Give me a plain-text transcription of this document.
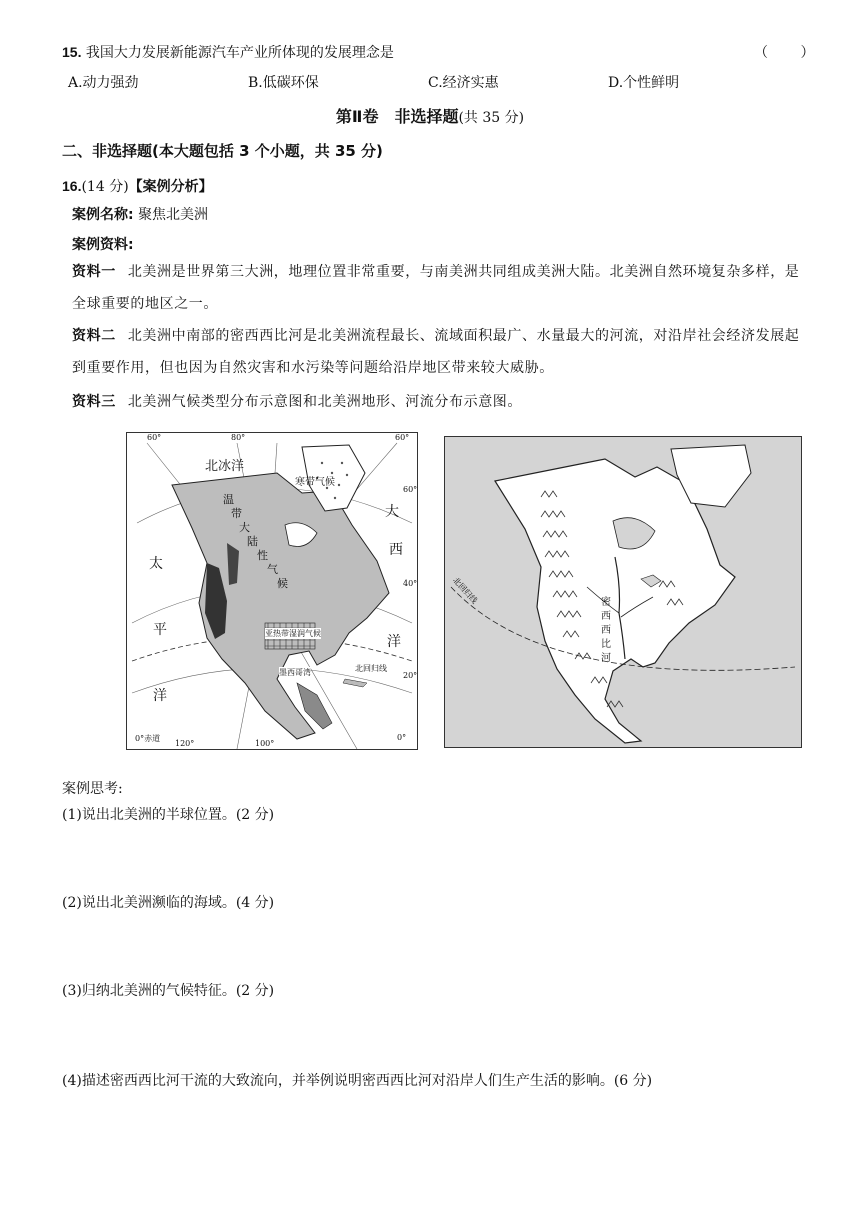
15. 我国大力发展新能源汽车产业所体现的发展理念是	（ ）
A.动力强劲	B.低碳环保	C.经济实惠	D.个性鲜明
第Ⅱ卷　非选择题(共 35 分)
二、非选择题(本大题包括 3 个小题，共 35 分)
16.(14 分)【案例分析】
案例名称: 聚焦北美洲
案例资料:
资料一 北美洲是世界第三大洲，地理位置非常重要，与南美洲共同组成美洲大陆。北美洲自然环境复杂多样，是全球重要的地区之一。
资料二 北美洲中南部的密西西比河是北美洲流程最长、流域面积最广、水量最大的河流，对沿岸社会经济发展起到重要作用，但也因为自然灾害和水污染等问题给沿岸地区带来较大威胁。
资料三 北美洲气候类型分布示意图和北美洲地形、河流分布示意图。
北冰洋
寒带气候
大
西
洋
太
平
洋
温
带
大
陆
性
气
候
亚热带湿润气候
墨西哥湾	北回归线
0°赤道
60°	80°	60°
120°	100°
60°
40°
20°
0°
北回归线	密
西
西
比
河
案例思考:
(1)说出北美洲的半球位置。(2 分)
(2)说出北美洲濒临的海域。(4 分)
(3)归纳北美洲的气候特征。(2 分)
(4)描述密西西比河干流的大致流向，并举例说明密西西比河对沿岸人们生产生活的影响。(6 分)
